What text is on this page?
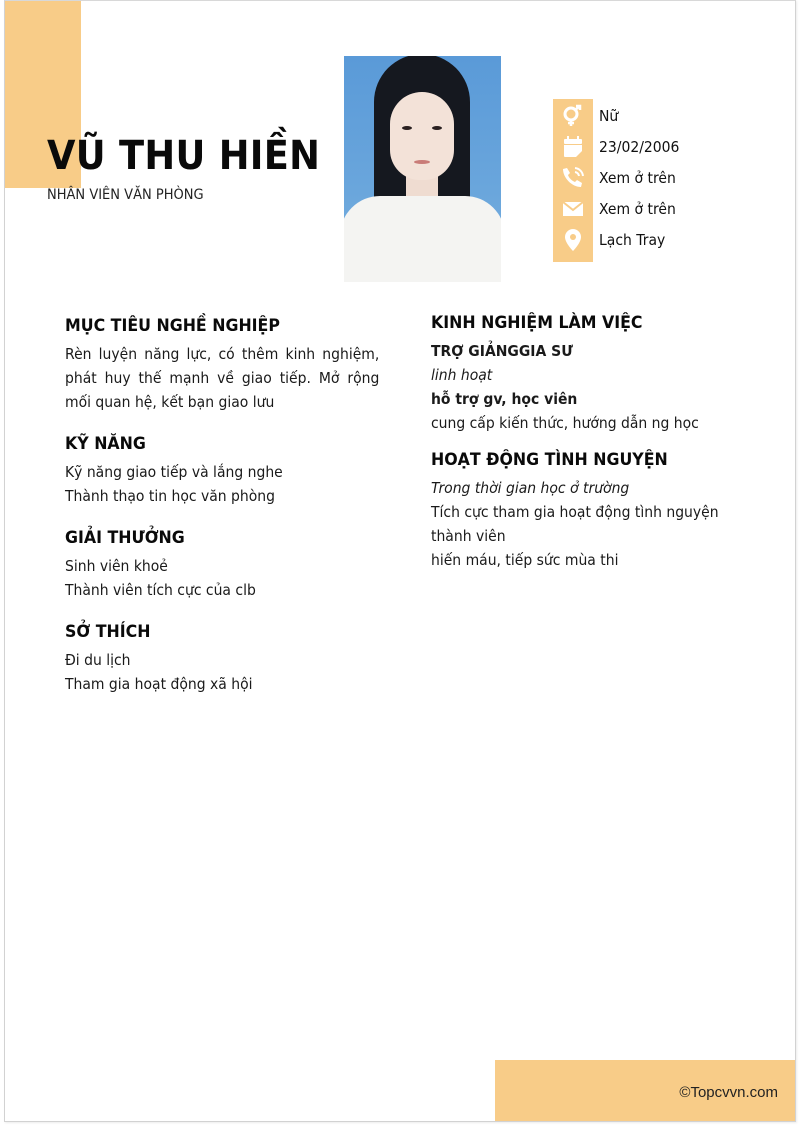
©Topcvvn.com
VŨ THU HIỀN
NHÂN VIÊN VĂN PHÒNG
Nữ
23/02/2006
Xem ở trên
Xem ở trên
Lạch Tray
MỤC TIÊU NGHỀ NGHIỆP
Rèn luyện năng lực, có thêm kinh nghiệm, phát huy thế mạnh về giao tiếp. Mở rộng mối quan hệ, kết bạn giao lưu
KỸ NĂNG
Kỹ năng giao tiếp và lắng nghe
Thành thạo tin học văn phòng
GIẢI THƯỞNG
Sinh viên khoẻ
Thành viên tích cực của clb
SỞ THÍCH
Đi du lịch
Tham gia hoạt động xã hội
KINH NGHIỆM LÀM VIỆC
TRỢ GIẢNGGIA SƯ
linh hoạt
hỗ trợ gv, học viên
cung cấp kiến thức, hướng dẫn ng học
HOẠT ĐỘNG TÌNH NGUYỆN
Trong thời gian học ở trường
Tích cực tham gia hoạt động tình nguyện
thành viên
hiến máu, tiếp sức mùa thi
